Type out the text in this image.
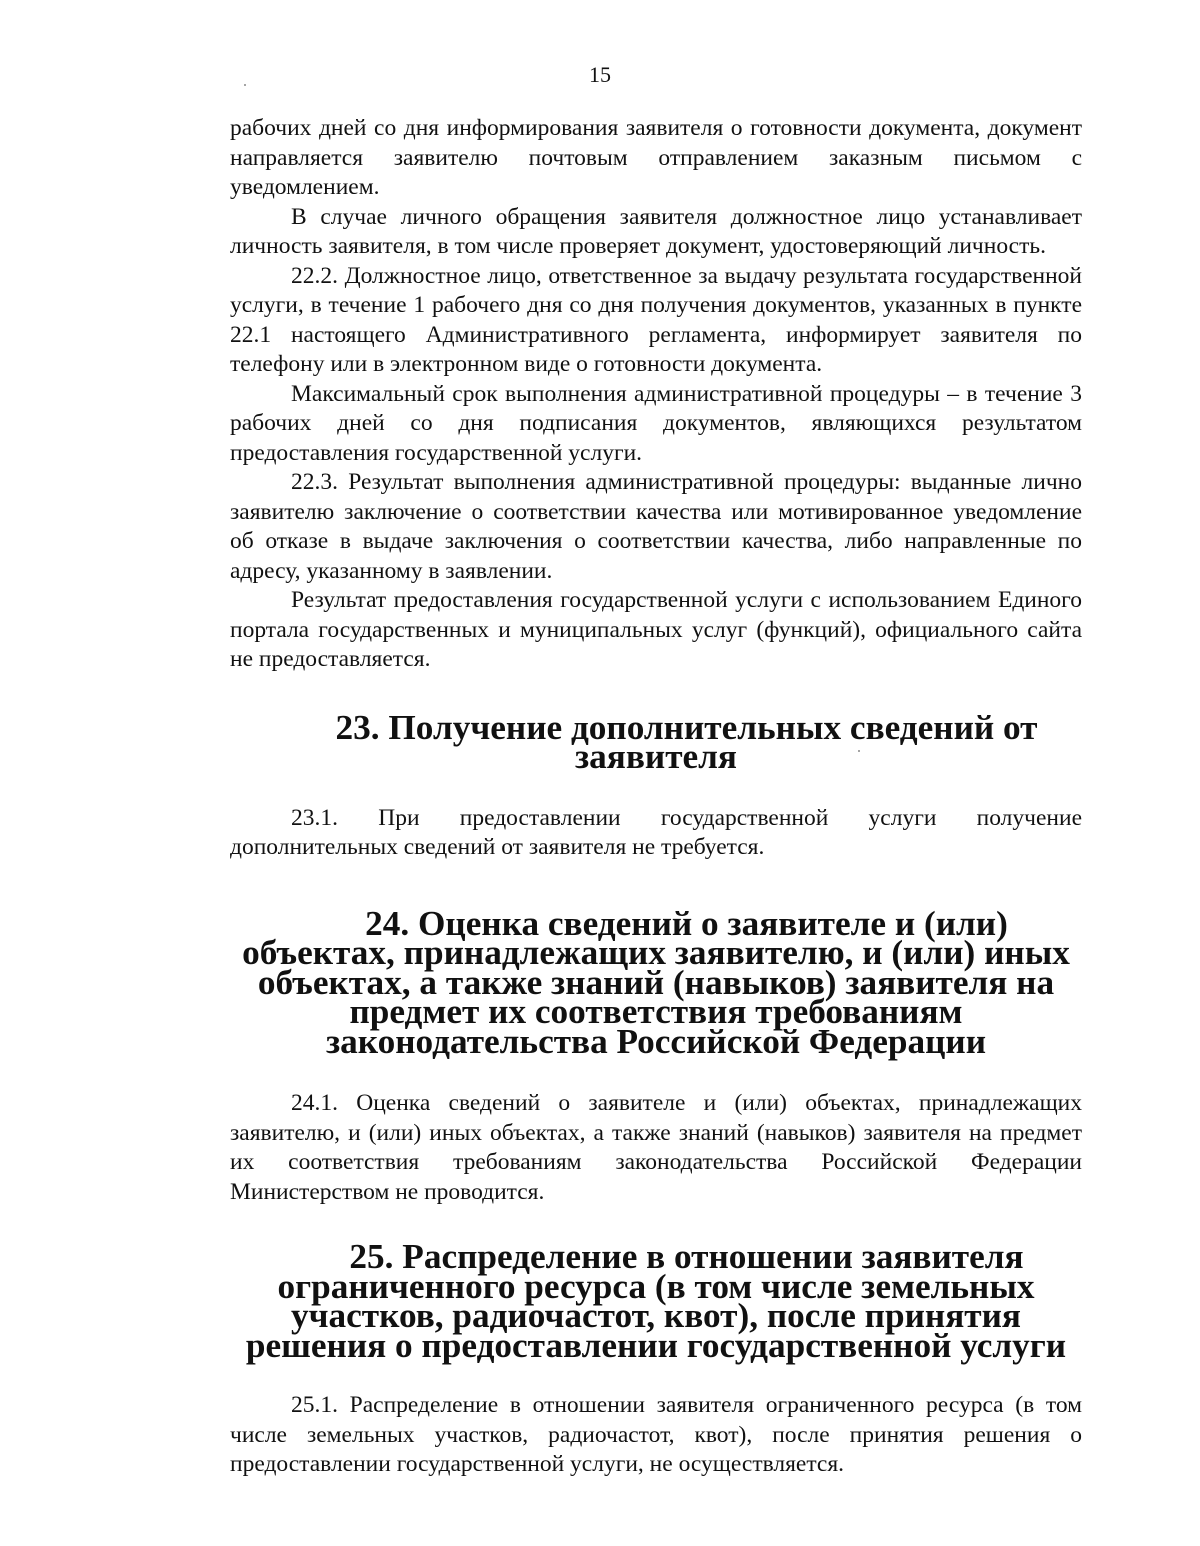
15

рабочих дней со дня информирования заявителя о готовности документа, документ направляется заявителю почтовым отправлением заказным письмом с уведомлением.

В случае личного обращения заявителя должностное лицо устанавливает личность заявителя, в том числе проверяет документ, удостоверяющий личность.

22.2. Должностное лицо, ответственное за выдачу результата государственной услуги, в течение 1 рабочего дня со дня получения документов, указанных в пункте 22.1 настоящего Административного регламента, информирует заявителя по телефону или в электронном виде о готовности документа.

Максимальный срок выполнения административной процедуры – в течение 3 рабочих дней со дня подписания документов, являющихся результатом предоставления государственной услуги.

22.3. Результат выполнения административной процедуры: выданные лично заявителю заключение о соответствии качества или мотивированное уведомление об отказе в выдаче заключения о соответствии качества, либо направленные по адресу, указанному в заявлении.

Результат предоставления государственной услуги с использованием Единого портала государственных и муниципальных услуг (функций), официального сайта не предоставляется.

23. Получение дополнительных сведений от заявителя

23.1. При предоставлении государственной услуги получение дополнительных сведений от заявителя не требуется.

24. Оценка сведений о заявителе и (или) объектах, принадлежащих заявителю, и (или) иных объектах, а также знаний (навыков) заявителя на предмет их соответствия требованиям законодательства Российской Федерации

24.1. Оценка сведений о заявителе и (или) объектах, принадлежащих заявителю, и (или) иных объектах, а также знаний (навыков) заявителя на предмет их соответствия требованиям законодательства Российской Федерации Министерством не проводится.

25. Распределение в отношении заявителя ограниченного ресурса (в том числе земельных участков, радиочастот, квот), после принятия решения о предоставлении государственной услуги

25.1. Распределение в отношении заявителя ограниченного ресурса (в том числе земельных участков, радиочастот, квот), после принятия решения о предоставлении государственной услуги, не осуществляется.
